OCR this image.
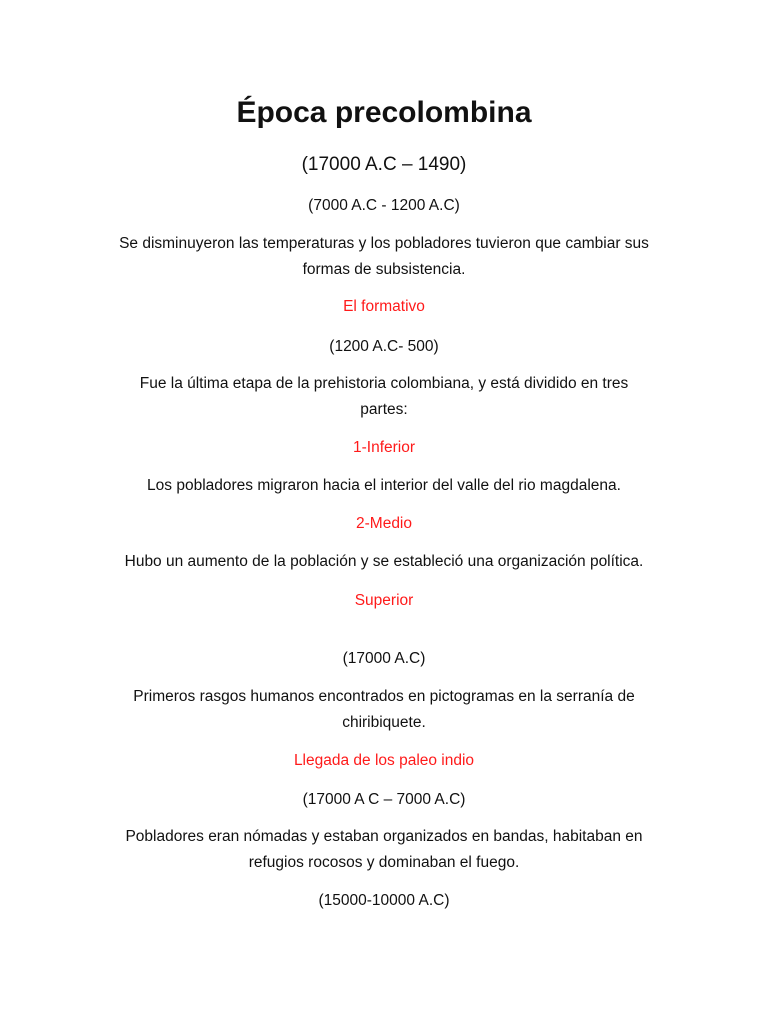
Época precolombina

(17000 A.C – 1490)

(7000 A.C - 1200 A.C)

Se disminuyeron las temperaturas y los pobladores tuvieron que cambiar sus formas de subsistencia.

El formativo

(1200 A.C- 500)

Fue la última etapa de la prehistoria colombiana, y está dividido en tres partes:

1-Inferior

Los pobladores migraron hacia el interior del valle del rio magdalena.

2-Medio

Hubo un aumento de la población y se estableció una organización política.

Superior

(17000 A.C)

Primeros rasgos humanos encontrados en pictogramas en la serranía de chiribiquete.

Llegada de los paleo indio

(17000 A C – 7000 A.C)

Pobladores eran nómadas y estaban organizados en bandas, habitaban en refugios rocosos y dominaban el fuego.

(15000-10000 A.C)
